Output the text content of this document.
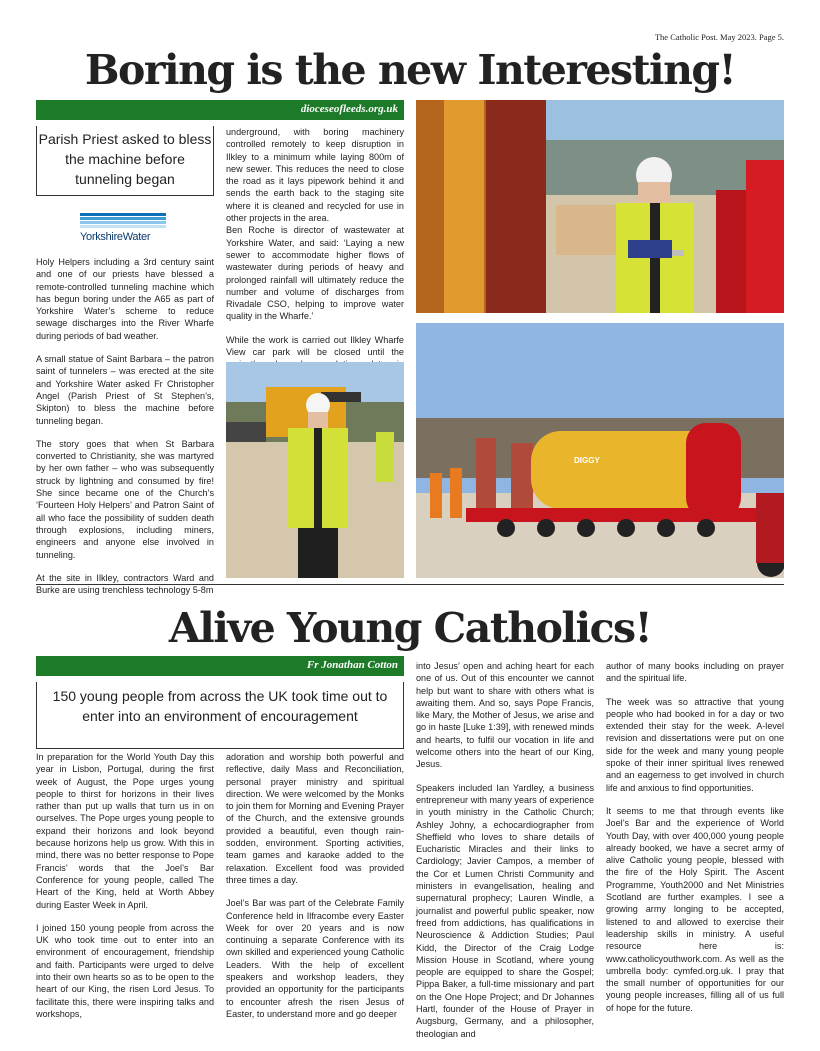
The Catholic Post. May 2023. Page 5.
Boring is the new Interesting!
dioceseofleeds.org.uk
Parish Priest asked to bless the machine before tunneling began
YorkshireWater

Holy Helpers including a 3rd century saint and one of our priests have blessed a remote-controlled tunneling machine which has begun boring under the A65 as part of Yorkshire Water’s scheme to reduce sewage discharges into the River Wharfe during periods of bad weather.

A small statue of Saint Barbara – the patron saint of tunnelers – was erected at the site and Yorkshire Water asked Fr Christopher Angel (Parish Priest of St Stephen’s, Skipton) to bless the machine before tunneling began.

The story goes that when St Barbara converted to Christianity, she was martyred by her own father – who was subsequently struck by lightning and consumed by fire! She since became one of the Church’s ‘Fourteen Holy Helpers’ and Patron Saint of all who face the possibility of sudden death through explosions, including miners, engineers and anyone else involved in tunneling.

At the site in Ilkley, contractors Ward and Burke are using trenchless technology 5-8m

underground, with boring machinery controlled remotely to keep disruption in Ilkley to a minimum while laying 800m of new sewer. This reduces the need to close the road as it lays pipework behind it and sends the earth back to the staging site where it is cleaned and recycled for use in other projects in the area.
Ben Roche is director of wastewater at Yorkshire Water, and said: ‘Laying a new sewer to accommodate higher flows of wastewater during periods of heavy and prolonged rainfall will ultimately reduce the number and volume of discharges from Rivadale CSO, helping to improve water quality in the Wharfe.’

While the work is carried out Ilkley Wharfe View car park will be closed until the

DIGGY
Alive Young Catholics!
Fr Jonathan Cotton
150 young people from across the UK took time out to enter into an environment of encouragement

In preparation for the World Youth Day this year in Lisbon, Portugal, during the first week of August, the Pope urges young people to thirst for horizons in their lives rather than put up walls that turn us in on ourselves. The Pope urges young people to expand their horizons and look beyond because horizons help us grow. With this in mind, there was no better response to Pope Francis’ words that the Joel’s Bar Conference for young people, called The Heart of the King, held at Worth Abbey during Easter Week in April.

I joined 150 young people from across the UK who took time out to enter into an environment of encouragement, friendship and faith. Participants were urged to delve into their own hearts so as to be open to the heart of our King, the risen Lord Jesus. To facilitate this, there were inspiring talks and workshops,

adoration and worship both powerful and reflective, daily Mass and Reconciliation, personal prayer ministry and spiritual direction. We were welcomed by the Monks to join them for Morning and Evening Prayer of the Church, and the extensive grounds provided a beautiful, even though rain-sodden, environment. Sporting activities, team games and karaoke added to the relaxation. Excellent food was provided three times a day.

Joel’s Bar was part of the Celebrate Family Conference held in Ilfracombe every Easter Week for over 20 years and is now continuing a separate Conference with its own skilled and experienced young Catholic Leaders. With the help of excellent speakers and workshop leaders, they provided an opportunity for the participants to encounter afresh the risen Jesus of Easter, to understand more and go deeper

into Jesus’ open and aching heart for each one of us. Out of this encounter we cannot help but want to share with others what is awaiting them. And so, says Pope Francis, like Mary, the Mother of Jesus, we arise and go in haste [Luke 1:39], with renewed minds and hearts, to fulfil our vocation in life and welcome others into the heart of our King, Jesus.

Speakers included Ian Yardley, a business entrepreneur with many years of experience in youth ministry in the Catholic Church; Ashley Johny, a echocardiographer from Sheffield who loves to share details of Eucharistic Miracles and their links to Cardiology; Javier Campos, a member of the Cor et Lumen Christi Community and ministers in evangelisation, healing and supernatural prophecy; Lauren Windle, a journalist and powerful public speaker, now freed from addictions, has qualifications in Neuroscience & Addiction Studies; Paul Kidd, the Director of the Craig Lodge Mission House in Scotland, where young people are equipped to share the Gospel; Pippa Baker, a full-time missionary and part on the One Hope Project; and Dr Johannes Hartl, founder of the House of Prayer in Augsburg, Germany, and a philosopher, theologian and

author of many books including on prayer and the spiritual life.

The week was so attractive that young people who had booked in for a day or two extended their stay for the week. A-level revision and dissertations were put on one side for the week and many young people spoke of their inner spiritual lives renewed and an eagerness to get involved in church life and anxious to find opportunities.

It seems to me that through events like Joel’s Bar and the experience of World Youth Day, with over 400,000 young people already booked, we have a secret army of alive Catholic young people, blessed with the fire of the Holy Spirit. The Ascent Programme, Youth2000 and Net Ministries Scotland are further examples. I see a growing army longing to be accepted, listened to and allowed to exercise their leadership skills in ministry. A useful resource here is: www.catholicyouthwork.com. As well as the umbrella body: cymfed.org.uk. I pray that the small number of opportunities for our young people increases, filling all of us full of hope for the future.
